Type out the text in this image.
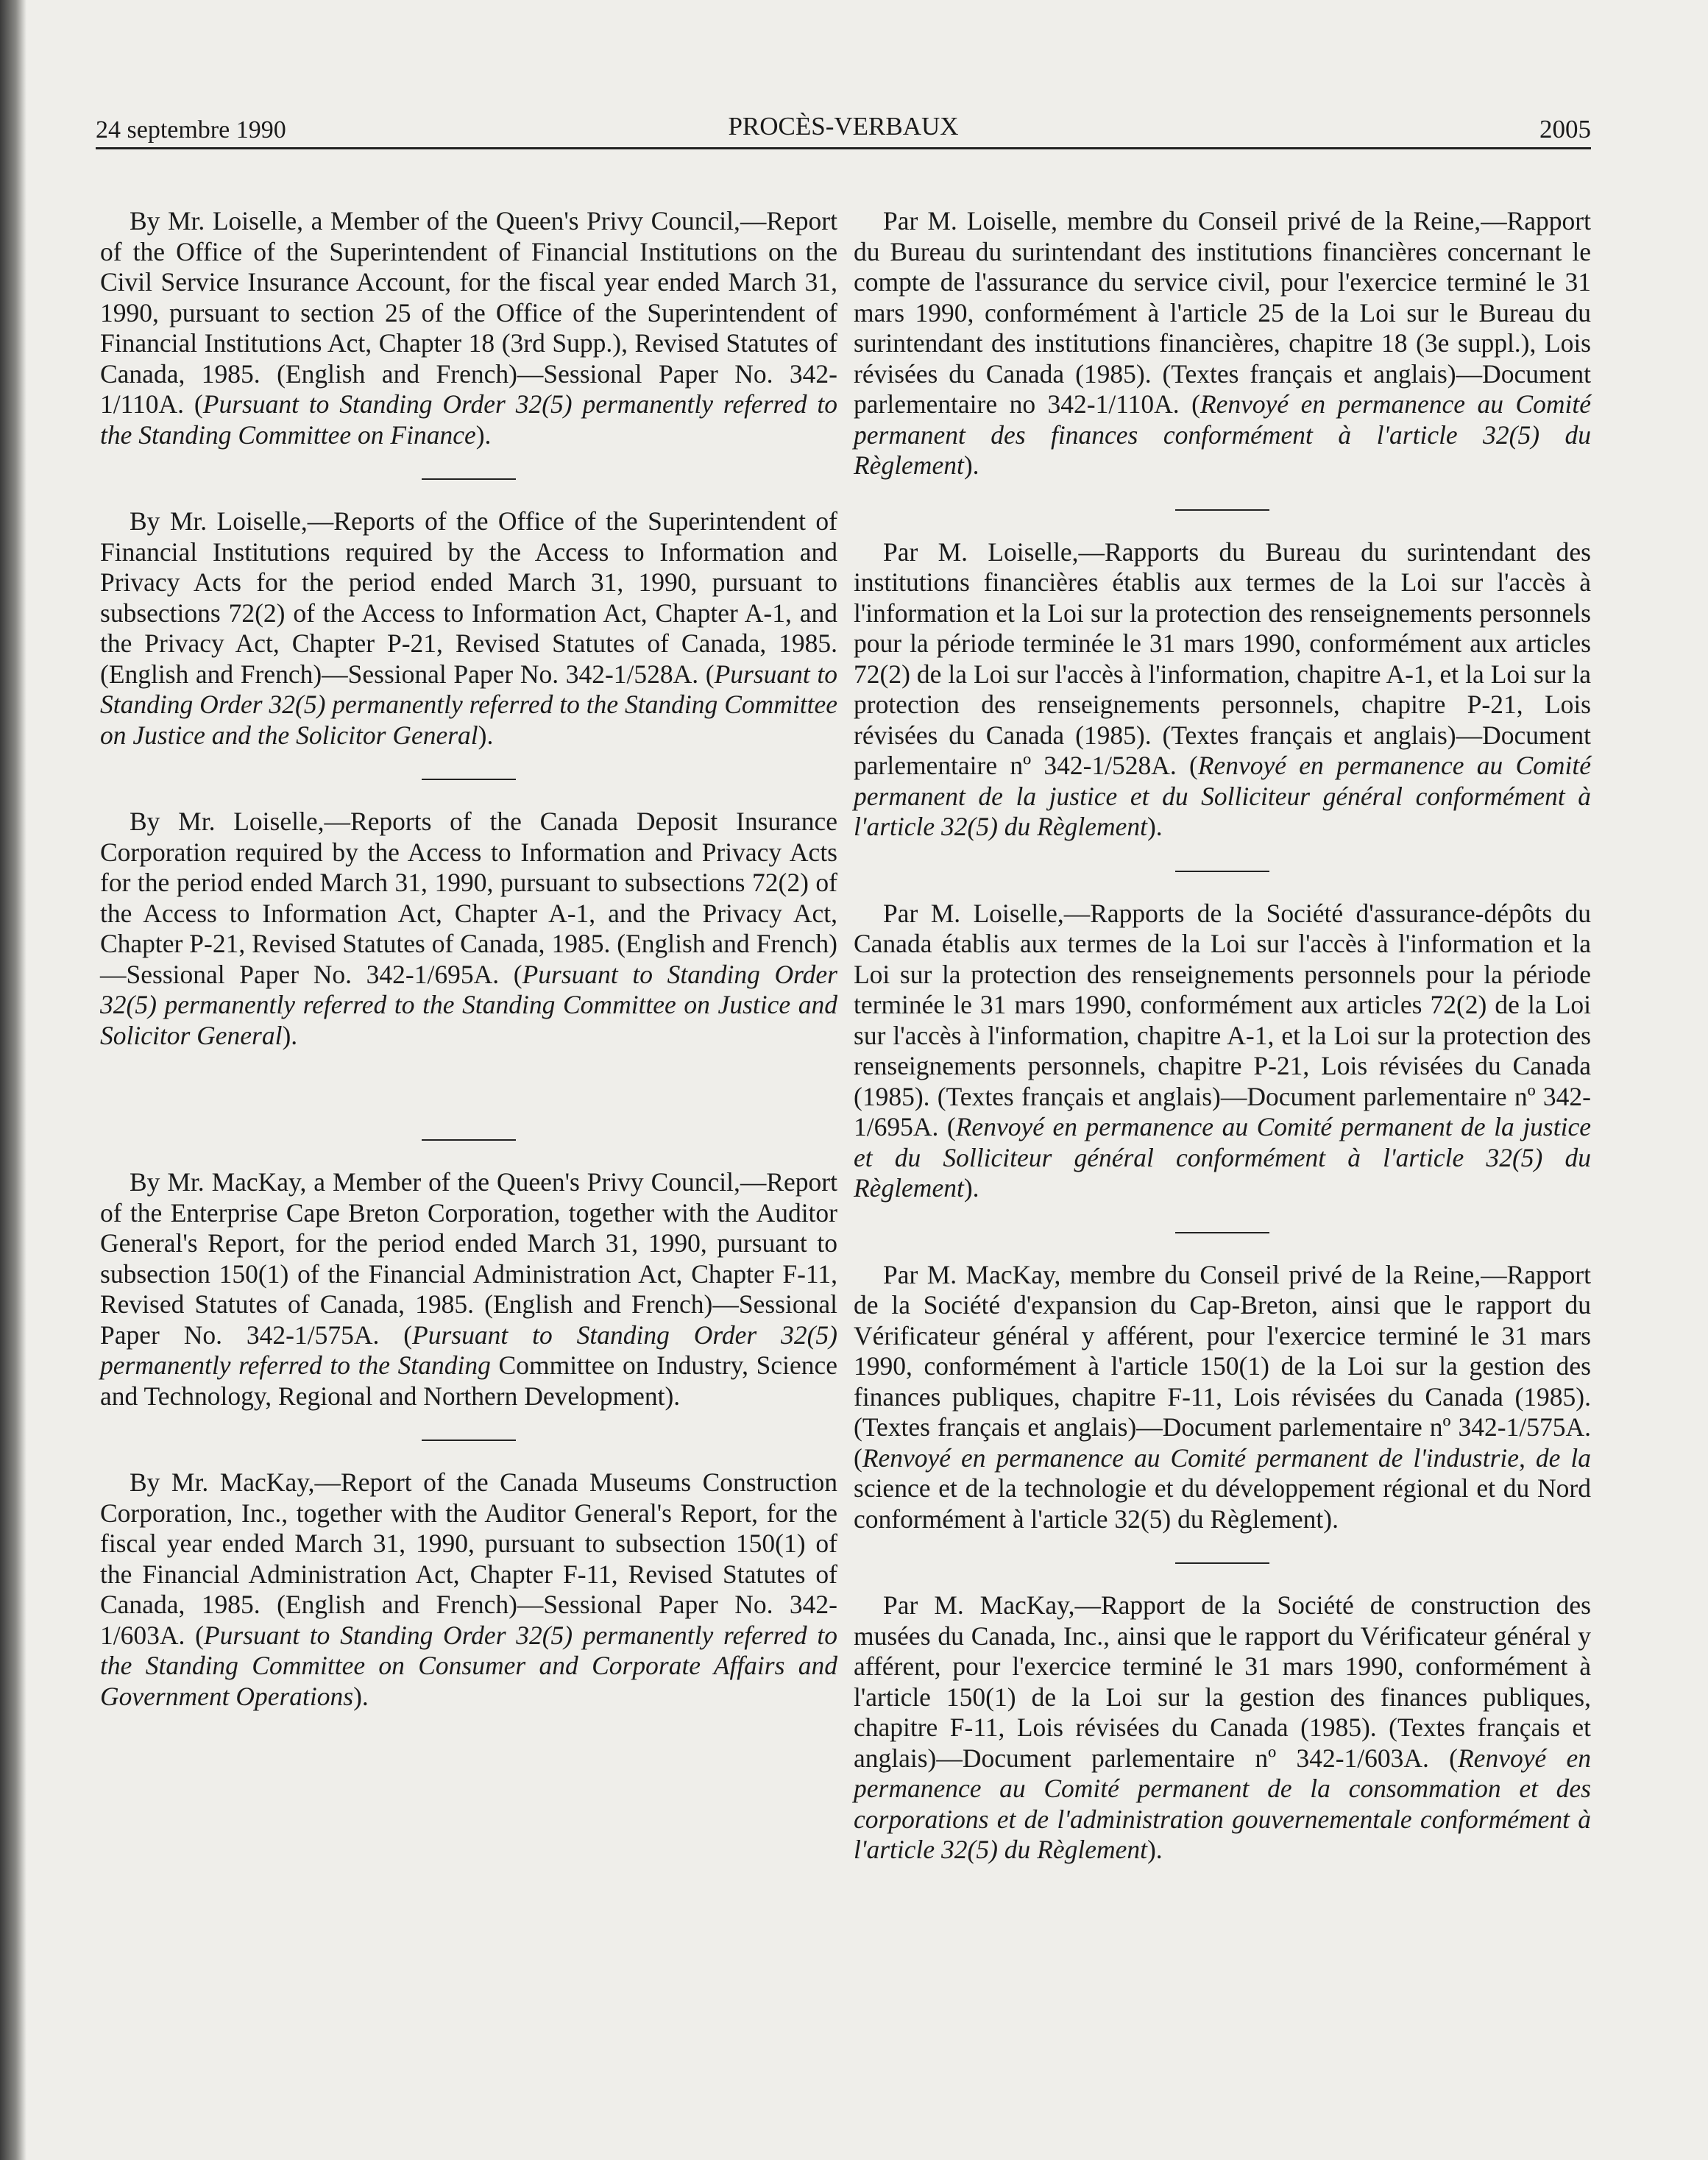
24 septembre 1990	PROCÈS-VERBAUX	2005

By Mr. Loiselle, a Member of the Queen's Privy Council,—Report of the Office of the Superintendent of Financial Institutions on the Civil Service Insurance Account, for the fiscal year ended March 31, 1990, pursuant to section 25 of the Office of the Superintendent of Financial Institutions Act, Chapter 18 (3rd Supp.), Revised Statutes of Canada, 1985. (English and French)—Sessional Paper No. 342-1/110A. (Pursuant to Standing Order 32(5) permanently referred to the Standing Committee on Finance).

By Mr. Loiselle,—Reports of the Office of the Superintendent of Financial Institutions required by the Access to Information and Privacy Acts for the period ended March 31, 1990, pursuant to subsections 72(2) of the Access to Information Act, Chapter A-1, and the Privacy Act, Chapter P-21, Revised Statutes of Canada, 1985. (English and French)—Sessional Paper No. 342-1/528A. (Pursuant to Standing Order 32(5) permanently referred to the Standing Committee on Justice and the Solicitor General).

By Mr. Loiselle,—Reports of the Canada Deposit Insurance Corporation required by the Access to Information and Privacy Acts for the period ended March 31, 1990, pursuant to subsections 72(2) of the Access to Information Act, Chapter A-1, and the Privacy Act, Chapter P-21, Revised Statutes of Canada, 1985. (English and French)—Sessional Paper No. 342-1/695A. (Pursuant to Standing Order 32(5) permanently referred to the Standing Committee on Justice and Solicitor General).

By Mr. MacKay, a Member of the Queen's Privy Council,—Report of the Enterprise Cape Breton Corporation, together with the Auditor General's Report, for the period ended March 31, 1990, pursuant to subsection 150(1) of the Financial Administration Act, Chapter F-11, Revised Statutes of Canada, 1985. (English and French)—Sessional Paper No. 342-1/575A. (Pursuant to Standing Order 32(5) permanently referred to the Standing Committee on Industry, Science and Technology, Regional and Northern Development).

By Mr. MacKay,—Report of the Canada Museums Construction Corporation, Inc., together with the Auditor General's Report, for the fiscal year ended March 31, 1990, pursuant to subsection 150(1) of the Financial Administration Act, Chapter F-11, Revised Statutes of Canada, 1985. (English and French)—Sessional Paper No. 342-1/603A. (Pursuant to Standing Order 32(5) permanently referred to the Standing Committee on Consumer and Corporate Affairs and Government Operations).

Par M. Loiselle, membre du Conseil privé de la Reine,—Rapport du Bureau du surintendant des institutions financières concernant le compte de l'assurance du service civil, pour l'exercice terminé le 31 mars 1990, conformément à l'article 25 de la Loi sur le Bureau du surintendant des institutions financières, chapitre 18 (3e suppl.), Lois révisées du Canada (1985). (Textes français et anglais)—Document parlementaire no 342-1/110A. (Renvoyé en permanence au Comité permanent des finances conformément à l'article 32(5) du Règlement).

Par M. Loiselle,—Rapports du Bureau du surintendant des institutions financières établis aux termes de la Loi sur l'accès à l'information et la Loi sur la protection des renseignements personnels pour la période terminée le 31 mars 1990, conformément aux articles 72(2) de la Loi sur l'accès à l'information, chapitre A-1, et la Loi sur la protection des renseignements personnels, chapitre P-21, Lois révisées du Canada (1985). (Textes français et anglais)—Document parlementaire nº 342-1/528A. (Renvoyé en permanence au Comité permanent de la justice et du Solliciteur général conformément à l'article 32(5) du Règlement).

Par M. Loiselle,—Rapports de la Société d'assurance-dépôts du Canada établis aux termes de la Loi sur l'accès à l'information et la Loi sur la protection des renseignements personnels pour la période terminée le 31 mars 1990, conformément aux articles 72(2) de la Loi sur l'accès à l'information, chapitre A-1, et la Loi sur la protection des renseignements personnels, chapitre P-21, Lois révisées du Canada (1985). (Textes français et anglais)—Document parlementaire nº 342-1/695A. (Renvoyé en permanence au Comité permanent de la justice et du Solliciteur général conformément à l'article 32(5) du Règlement).

Par M. MacKay, membre du Conseil privé de la Reine,—Rapport de la Société d'expansion du Cap-Breton, ainsi que le rapport du Vérificateur général y afférent, pour l'exercice terminé le 31 mars 1990, conformément à l'article 150(1) de la Loi sur la gestion des finances publiques, chapitre F-11, Lois révisées du Canada (1985). (Textes français et anglais)—Document parlementaire nº 342-1/575A. (Renvoyé en permanence au Comité permanent de l'industrie, de la science et de la technologie et du développement régional et du Nord conformément à l'article 32(5) du Règlement).

Par M. MacKay,—Rapport de la Société de construction des musées du Canada, Inc., ainsi que le rapport du Vérificateur général y afférent, pour l'exercice terminé le 31 mars 1990, conformément à l'article 150(1) de la Loi sur la gestion des finances publiques, chapitre F-11, Lois révisées du Canada (1985). (Textes français et anglais)—Document parlementaire nº 342-1/603A. (Renvoyé en permanence au Comité permanent de la consommation et des corporations et de l'administration gouvernementale conformément à l'article 32(5) du Règlement).
